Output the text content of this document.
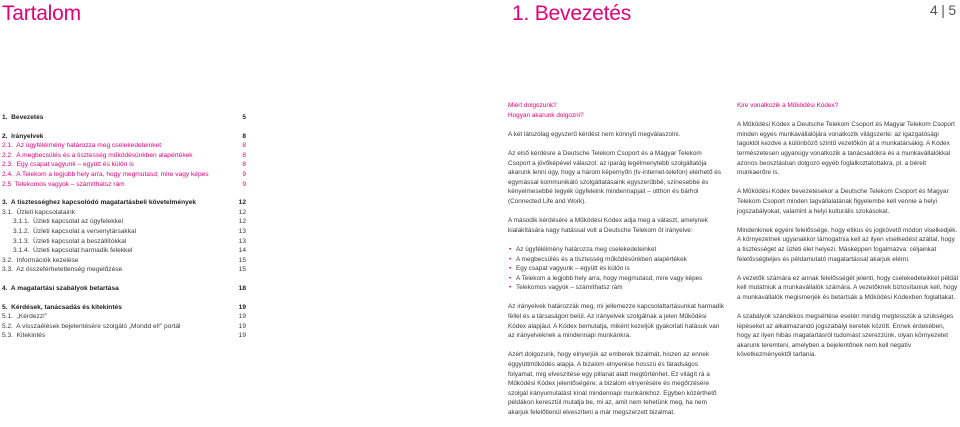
Tartalom	1. Bevezetés	4 | 5
1.  Bevezetés	5
2.  Irányelvek	8
2.1.  Az ügyfélélmény határozza meg cselekedeteinket	8
2.2.  A megbecsülés és a tisztesség működésünkben alapértékek	8
2.3.  Egy csapat vagyunk – együtt és külön is	8
2.4.  A Telekom a legjobb hely arra, hogy megmutasd, mire vagy képes	9
2.5  Telekomos vagyok – számíthatsz rám	9
3.  A tisztességhez kapcsolódó magatartásbeli követelmények	12
3.1.  Üzleti kapcsolataink	12
3.1.1.  Üzleti kapcsolat az ügyfelekkel	12
3.1.2.  Üzleti kapcsolat a versenytársakkal	13
3.1.3.  Üzleti kapcsolat a beszállítókkal	13
3.1.4.  Üzleti kapcsolat harmadik felekkel	14
3.2.  Információk kezelése	15
3.3.  Az összeférhetetlenség megelőzése	15
4.  A magatartási szabályok betartása	18
5.  Kérdések, tanácsadás és kitekintés	19
5.1.  „Kérdezz!”	19
5.2.  A visszaélések bejelentésére szolgáló „Mondd el!” portál	19
5.3.  Kitekintés	19
Miért dolgozunk?
Hogyan akarunk dolgozni?

A két látszólag egyszerű kérdést nem könnyű megválaszolni.

Az első kérdésre a Deutsche Telekom Csoport és a Magyar Telekom Csoport a jövőképével válaszol: az iparág legélmenytebb szolgáltatója akarunk lenni úgy, hogy a három képernyőn (tv-internet-telefon) elérhető és egymással kommunikáló szolgáltatásaink egyszerűbbé, színesebbé és kényelmesebbé tegyék ügyfeleink mindennapjait – otthon és bárhol (Connected Life and Work).

A második kérdésére a Működési Kódex adja meg a választ, amelynek kialakítására nagy hatással volt a Deutsche Telekom öt irányelve:

• Az ügyfélélmény határozza meg cselekedeteinket
• A megbecsülés és a tisztesség működésünkben alapértékek
• Egy csapat vagyunk – együtt és külön is
• A Telekom a legjobb hely arra, hogy megmutasd, mire vagy képes
• Telekomos vagyok – számíthatsz rám

Az irányelvek határozzák meg, mi jellemezze kapcsolattartásunkat harmadik féllel és a társaságon belül. Az irányelvek szolgálnak a jelen Működési Kódex alapjául. A Kódex bemutatja, miként kezeljük gyakorlati hatásuk van az irányelveknek a mindennapi munkánkra.

Azért dolgozunk, hogy elnyerjük az emberek bizalmát, hiszen az ennek éggyüttműködés alapja. A bizalom elnyerése hosszú és fáradságos folyamat, míg elveszítése egy pillanat alatt megtörténhet. Ez világít rá a Működési Kódex jelentőségére: a bizalom elnyerésére és megőrzésére szolgál irányumutatást kínál mindennapi munkánkhoz. Egyben közérthető példákon keresztül mutatja be, mi az, amit nem tehetünk meg, ha nem akarjuk felelőtlenül elveszíteni a már megszerzett bizalmat.

Kire vonatkozik a Működési Kódex?

A Működési Kódex a Deutsche Telekom Csoport és Magyar Telekom Csoport minden egyes munkavállalójára vonatkozik világszerte: az igazgatósági tagoktól kezdve a különböző szintű vezetőkön át a munkatársakig. A Kódex természetesen ugyanúgy vonatkozik a tanácsadókra és a munkavállalókkal azonos beosztásban dolgozó egyéb foglalkoztatottakra, pl. a bérelt munkaerőre is.

A Működési Kódex bevezetésekor a Deutsche Telekom Csoport és Magyar Telekom Csoport minden tagvállalatának figyelembe kell vennie a helyi jogszabályokat, valamint a helyi kulturális szokásokat.

Mindenkinek egyéni felelőssége, hogy etikus és jogkövető módon viselkedjék. A környezetnek ugyanakkor támogatnia kell az ilyen viselkedést azáltal, hogy a tisztességet az üzleti élet helyezi. Másképpen fogalmazva: céljainkat felelősségteljes és példamutató magatartással akarjuk elérni.

A vezetők számára ez annak felelősségét jelenti, hogy cselekedeteikkel példát kell mutatniuk a munkavállalók számára. A vezetőknek biztosítaniuk kell, hogy a munkavállalók megismerjék és betartsák a Működési Kódexben foglaltakat.

A szabályok szándékos megsértése esetén mindig megtesszük a szükséges lépéseket az alkalmazandó jogszabályi keretek között. Ennek érdekében, hogy az ilyen hibás magatartásról tudomást szerezzünk, olyan környezetet akarunk teremteni, amelyben a bejelentőnek nem kell negatív következményektől tartania.
